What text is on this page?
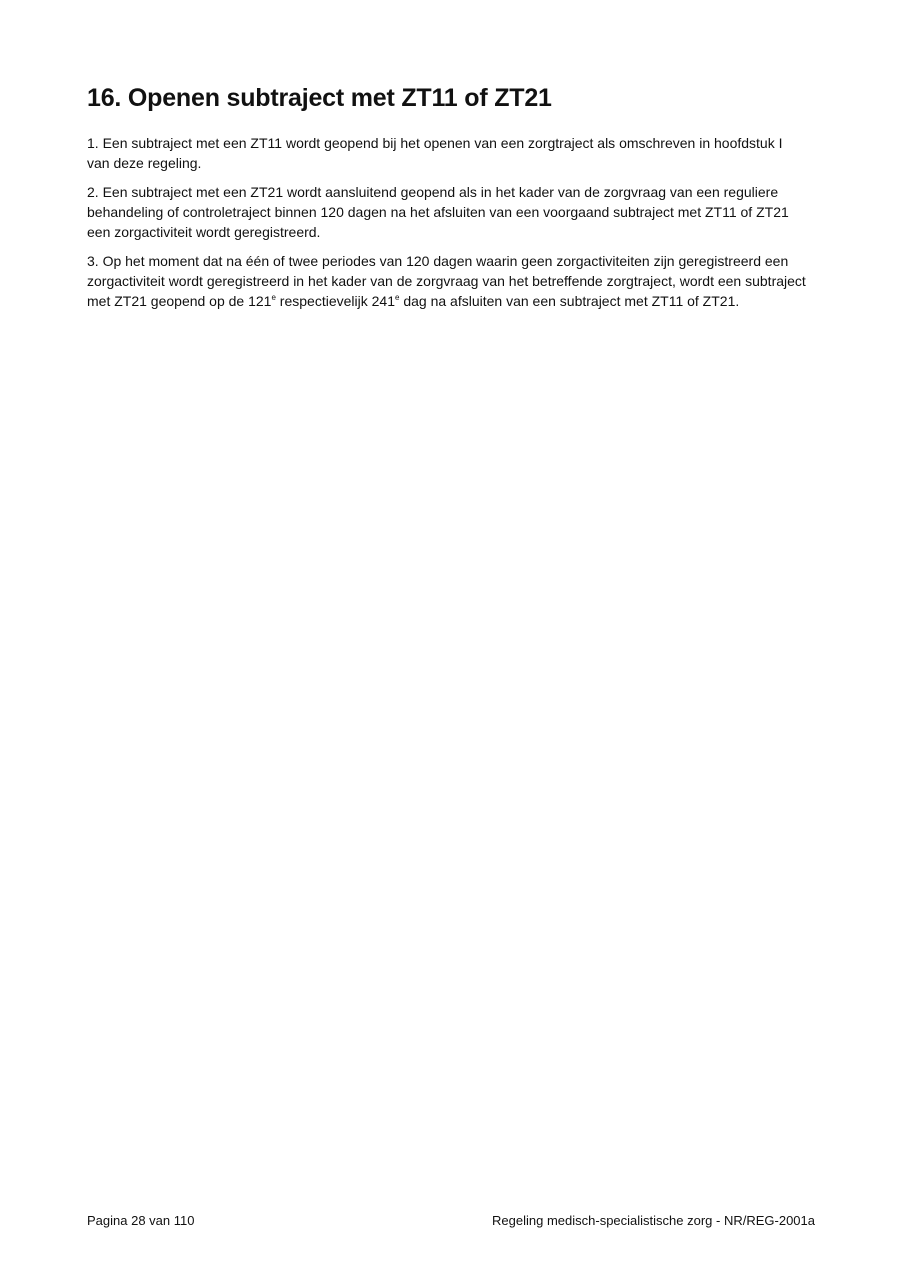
16. Openen subtraject met ZT11 of ZT21

1. Een subtraject met een ZT11 wordt geopend bij het openen van een zorgtraject als omschreven in hoofdstuk I van deze regeling.

2. Een subtraject met een ZT21 wordt aansluitend geopend als in het kader van de zorgvraag van een reguliere behandeling of controletraject binnen 120 dagen na het afsluiten van een voorgaand subtraject met ZT11 of ZT21 een zorgactiviteit wordt geregistreerd.

3. Op het moment dat na één of twee periodes van 120 dagen waarin geen zorgactiviteiten zijn geregistreerd een zorgactiviteit wordt geregistreerd in het kader van de zorgvraag van het betreffende zorgtraject, wordt een subtraject met ZT21 geopend op de 121e respectievelijk 241e dag na afsluiten van een subtraject met ZT11 of ZT21.

Pagina 28 van 110	Regeling medisch-specialistische zorg - NR/REG-2001a
